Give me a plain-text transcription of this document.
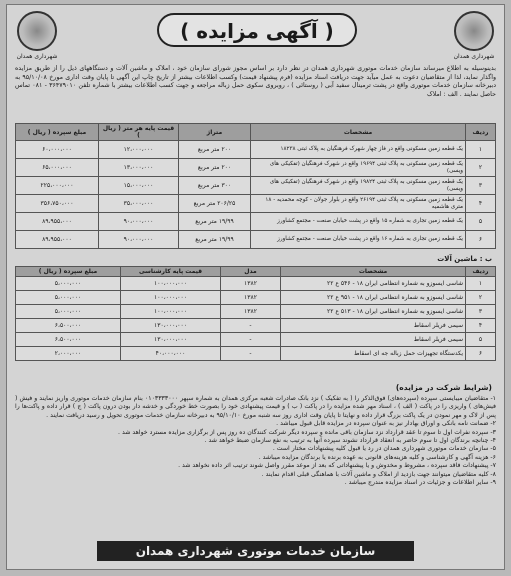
شهرداری همدان
( آگهی مزایده )
شهرداری همدان
بدینوسیله به اطلاع میرساند سازمان خدمات موتوری شهرداری همدان در نظر دارد بر اساس مجوز شورای سازمان خود ، املاک و ماشین آلات و دستگاههای ذیل را از طریق مزایده واگذار نماید، لذا از متقاضیان دعوت به عمل میآید جهت دریافت اسناد مزایده (فرم پیشنهاد قیمت) وکسب اطلاعات بیشتر از تاریخ چاپ این آگهی تا پایان وقت اداری مورخ ۹۵/۱۰/۰۸ به دبیرخانه سازمان خدمات موتوری واقع در پشت ترمینال سفید آبی ( روستائی ) ، روبروی سکوی حمل زباله مراجعه و جهت کسب اطلاعات بیشتر با شماره تلفن ۳۶۴۷۹۰۱۰ - ۰۸۱ تماس حاصل نمایند . الف : املاک
ردیف	مشخصات	متراژ	قیمت پایه هر متر ( ریال )	مبلغ سپرده ( ریال )
۱	یک قطعه زمین مسکونی واقع در فاز چهار شهرک فرهنگیان به پلاک ثبتی ۱۸۲۳۸	۲۰۰ متر مربع	۱۲،۰۰۰،۰۰۰	۶۰،۰۰۰،۰۰۰
۲	یک قطعه زمین مسکونی به پلاک ثبتی ۱۹۶۹۴ واقع در شهرک فرهنگیان (تفکیکی های ویسی)	۲۰۰ متر مربع	۱۳،۰۰۰،۰۰۰	۶۵،۰۰۰،۰۰۰
۳	یک قطعه زمین مسکونی به پلاک ثبتی ۱۹۸۲۴ واقع در شهرک فرهنگیان (تفکیکی های ویسی)	۳۰۰ متر مربع	۱۵،۰۰۰،۰۰۰	۲۲۵،۰۰۰،۰۰۰
۴	یک قطعه زمین مسکونی به پلاک ثبتی ۲۶۱۹۴ واقع در بلوار جولان - کوچه محمدیه - ۱۸ متری هاشمیه	۲۰۶/۲۵ متر مربع	۳۵،۰۰۰،۰۰۰	۳۵۶،۷۵۰،۰۰۰
۵	یک قطعه زمین تجاری به شماره ۱۵ واقع در پشت خیابان صنعت - مجتمع کشاورز	۱۹/۹۹ متر مربع	۹۰،۰۰۰،۰۰۰	۸۹،۹۵۵،۰۰۰
۶	یک قطعه زمین تجاری به شماره ۱۶ واقع در پشت خیابان صنعت - مجتمع کشاورز	۱۹/۹۹ متر مربع	۹۰،۰۰۰،۰۰۰	۸۹،۹۵۵،۰۰۰
ب : ماشین آلات
ردیف	مشخصات	مدل	قیمت پایه کارشناسی	مبلغ سپرده ( ریال )
۱	شاسی ایسوزو به شماره انتظامی ایران ۱۸ - ۵۴۶ ع ۲۲	۱۳۸۲	۱۰۰،۰۰۰،۰۰۰	۵،۰۰۰،۰۰۰
۲	شاسی ایسوزو به شماره انتظامی ایران ۱۸ - ۹۵۱ ع ۲۲	۱۳۸۲	۱۰۰،۰۰۰،۰۰۰	۵،۰۰۰،۰۰۰
۳	شاسی ایسوزو به شماره انتظامی ایران ۱۸ - ۵۱۳ ع ۲۲	۱۳۸۲	۱۰۰،۰۰۰،۰۰۰	۵،۰۰۰،۰۰۰
۴	سیمی فریلر اسقاط	-	۱۳۰،۰۰۰،۰۰۰	۶،۵۰۰،۰۰۰
۵	سیمی فریلر اسقاط	-	۱۳۰،۰۰۰،۰۰۰	۶،۵۰۰،۰۰۰
۶	یکدستگاه تجهیزات حمل زباله جه ای اسقاط	-	۴۰،۰۰۰،۰۰۰	۲،۰۰۰،۰۰۰
(شرایط شرکت در مزایده)

۱- متقاضیان میبایستی سپرده (سپرده‌های) فوق‌الذکر را ( به تفکیک ) نزد بانک صادرات شعبه مرکزی همدان به شماره سپهر ۰۱۰۳۳۳۳۰۰۰ بنام سازمان خدمات موتوری واریز نمایند و فیش ( فیش‌های ) واریزی را در پاکت ( الف ) ، اسناد مهر شده مزایده را در پاکت ( ب ) و قیمت پیشنهادی خود را بصورت خط خوردگی و خدشه دار بودن درون پاکت ( ج ) قرار داده و پاکت‌ها را پس از لاک و مهر نمودن در یک پاکت بزرگ قرار داده و نهایتا تا پایان وقت اداری روز سه شنبه مورخ ۹۵/۱۰/۱۰ به دبیرخانه سازمان خدمات موتوری تحویل و رسید دریافت نمایند .

۲- ضمانت نامه بانکی و اوراق بهادار نیز به عنوان سپرده در مزایده قابل قبول میباشد .

۳- سپرده نفرات اول تا سوم تا عقد قرارداد نزد سازمان باقی مانده و سپرده دیگر شرکت کنندگان ده روز پس از برگزاری مزایده مسترد خواهد شد .

۴- چنانچه برندگان اول تا سوم حاضر به انعقاد قرارداد نشوند سپرده آنها به ترتیب به نفع سازمان ضبط خواهد شد .

۵- سازمان خدمات موتوری شهرداری همدان در رد یا قبول کلیه پیشنهادات مختار است .

۶- هزینه آگهی و کارشناسی و کلیه هزینه‌های قانونی به عهده برنده یا برندگان مزایده میباشد .

۷- پیشنهادات فاقد سپرده ، مشروط و مخدوش و یا پیشنهاداتی که بعد از موعد مقرر واصل شوند ترتیب اثر داده نخواهد شد .

۸- کلیه متقاضیان میتوانند جهت بازدید از املاک و ماشین آلات با هماهنگی قبلی اقدام نمایند .

۹- سایر اطلاعات و جزئیات در اسناد مزایده مندرج میباشد .

سازمان خدمات موتوری شهرداری همدان
